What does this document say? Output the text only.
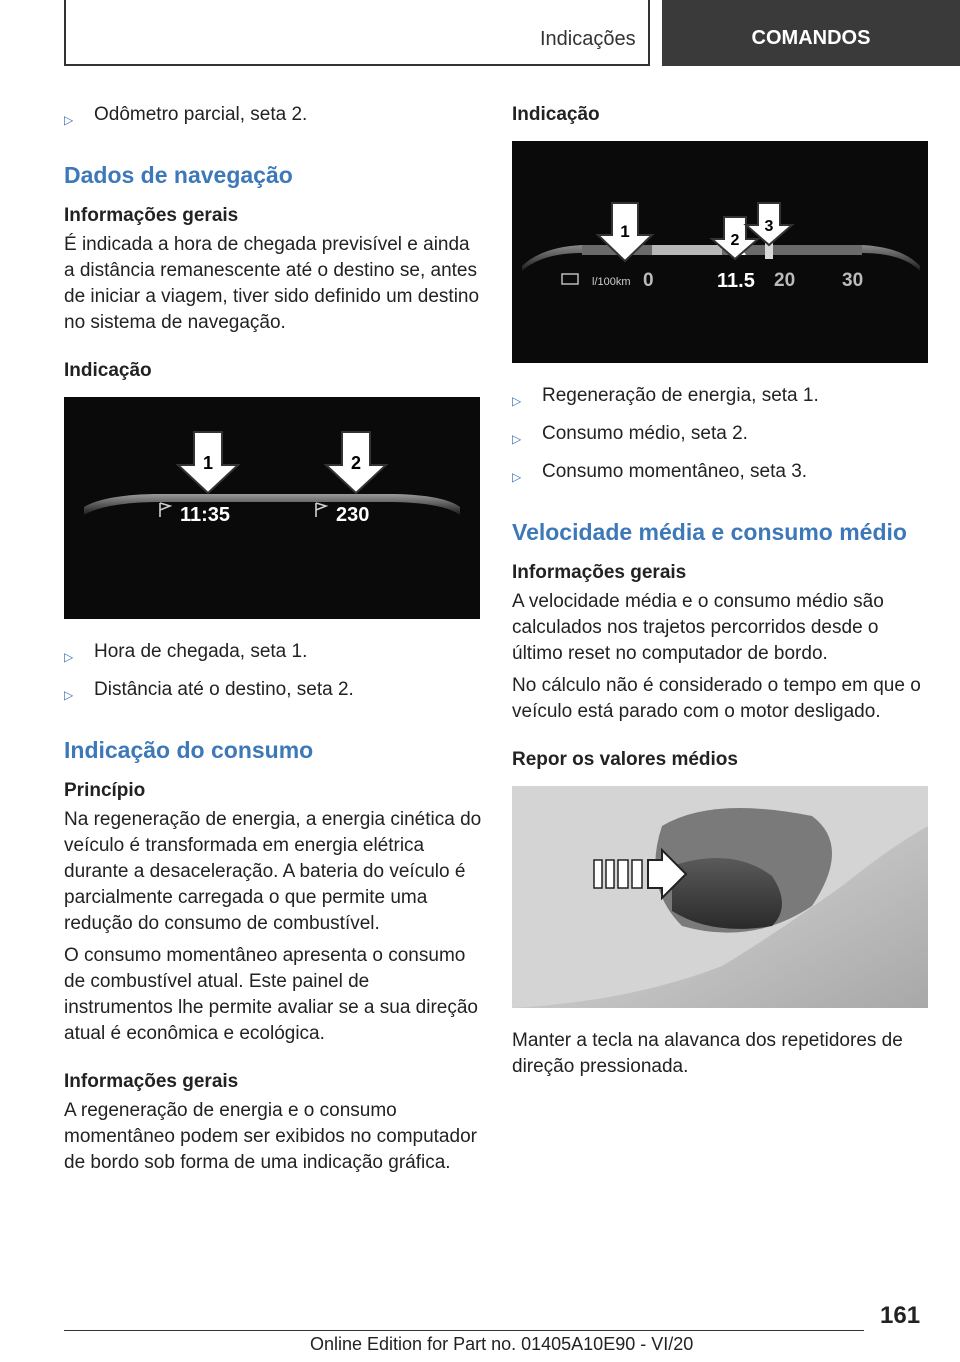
Indicações	COMANDOS
▷	Odômetro parcial, seta 2.
Dados de navegação
Informações gerais
É indicada a hora de chegada previsível e ainda a distância remanescente até o destino se, antes de iniciar a viagem, tiver sido definido um destino no sistema de navegação.
Indicação
1	2
11:35	230
▷	Hora de chegada, seta 1.
▷	Distância até o destino, seta 2.
Indicação do consumo
Princípio
Na regeneração de energia, a energia cinética do veículo é transformada em energia elétrica durante a desaceleração. A bateria do veículo é parcialmente carregada o que permite uma redução do consumo de combustível.
O consumo momentâneo apresenta o consumo de combustível atual. Este painel de instrumentos lhe permite avaliar se a sua direção atual é econômica e ecológica.
Informações gerais
A regeneração de energia e o consumo momentâneo podem ser exibidos no computador de bordo sob forma de uma indicação gráfica.
Indicação
1	2
3
l/100km 0	11.5 20 30
▷	Regeneração de energia, seta 1.
▷	Consumo médio, seta 2.
▷	Consumo momentâneo, seta 3.
Velocidade média e consumo médio
Informações gerais
A velocidade média e o consumo médio são calculados nos trajetos percorridos desde o último reset no computador de bordo.
No cálculo não é considerado o tempo em que o veículo está parado com o motor desligado.
Repor os valores médios
Manter a tecla na alavanca dos repetidores de direção pressionada.
161
Online Edition for Part no. 01405A10E90 - VI/20
